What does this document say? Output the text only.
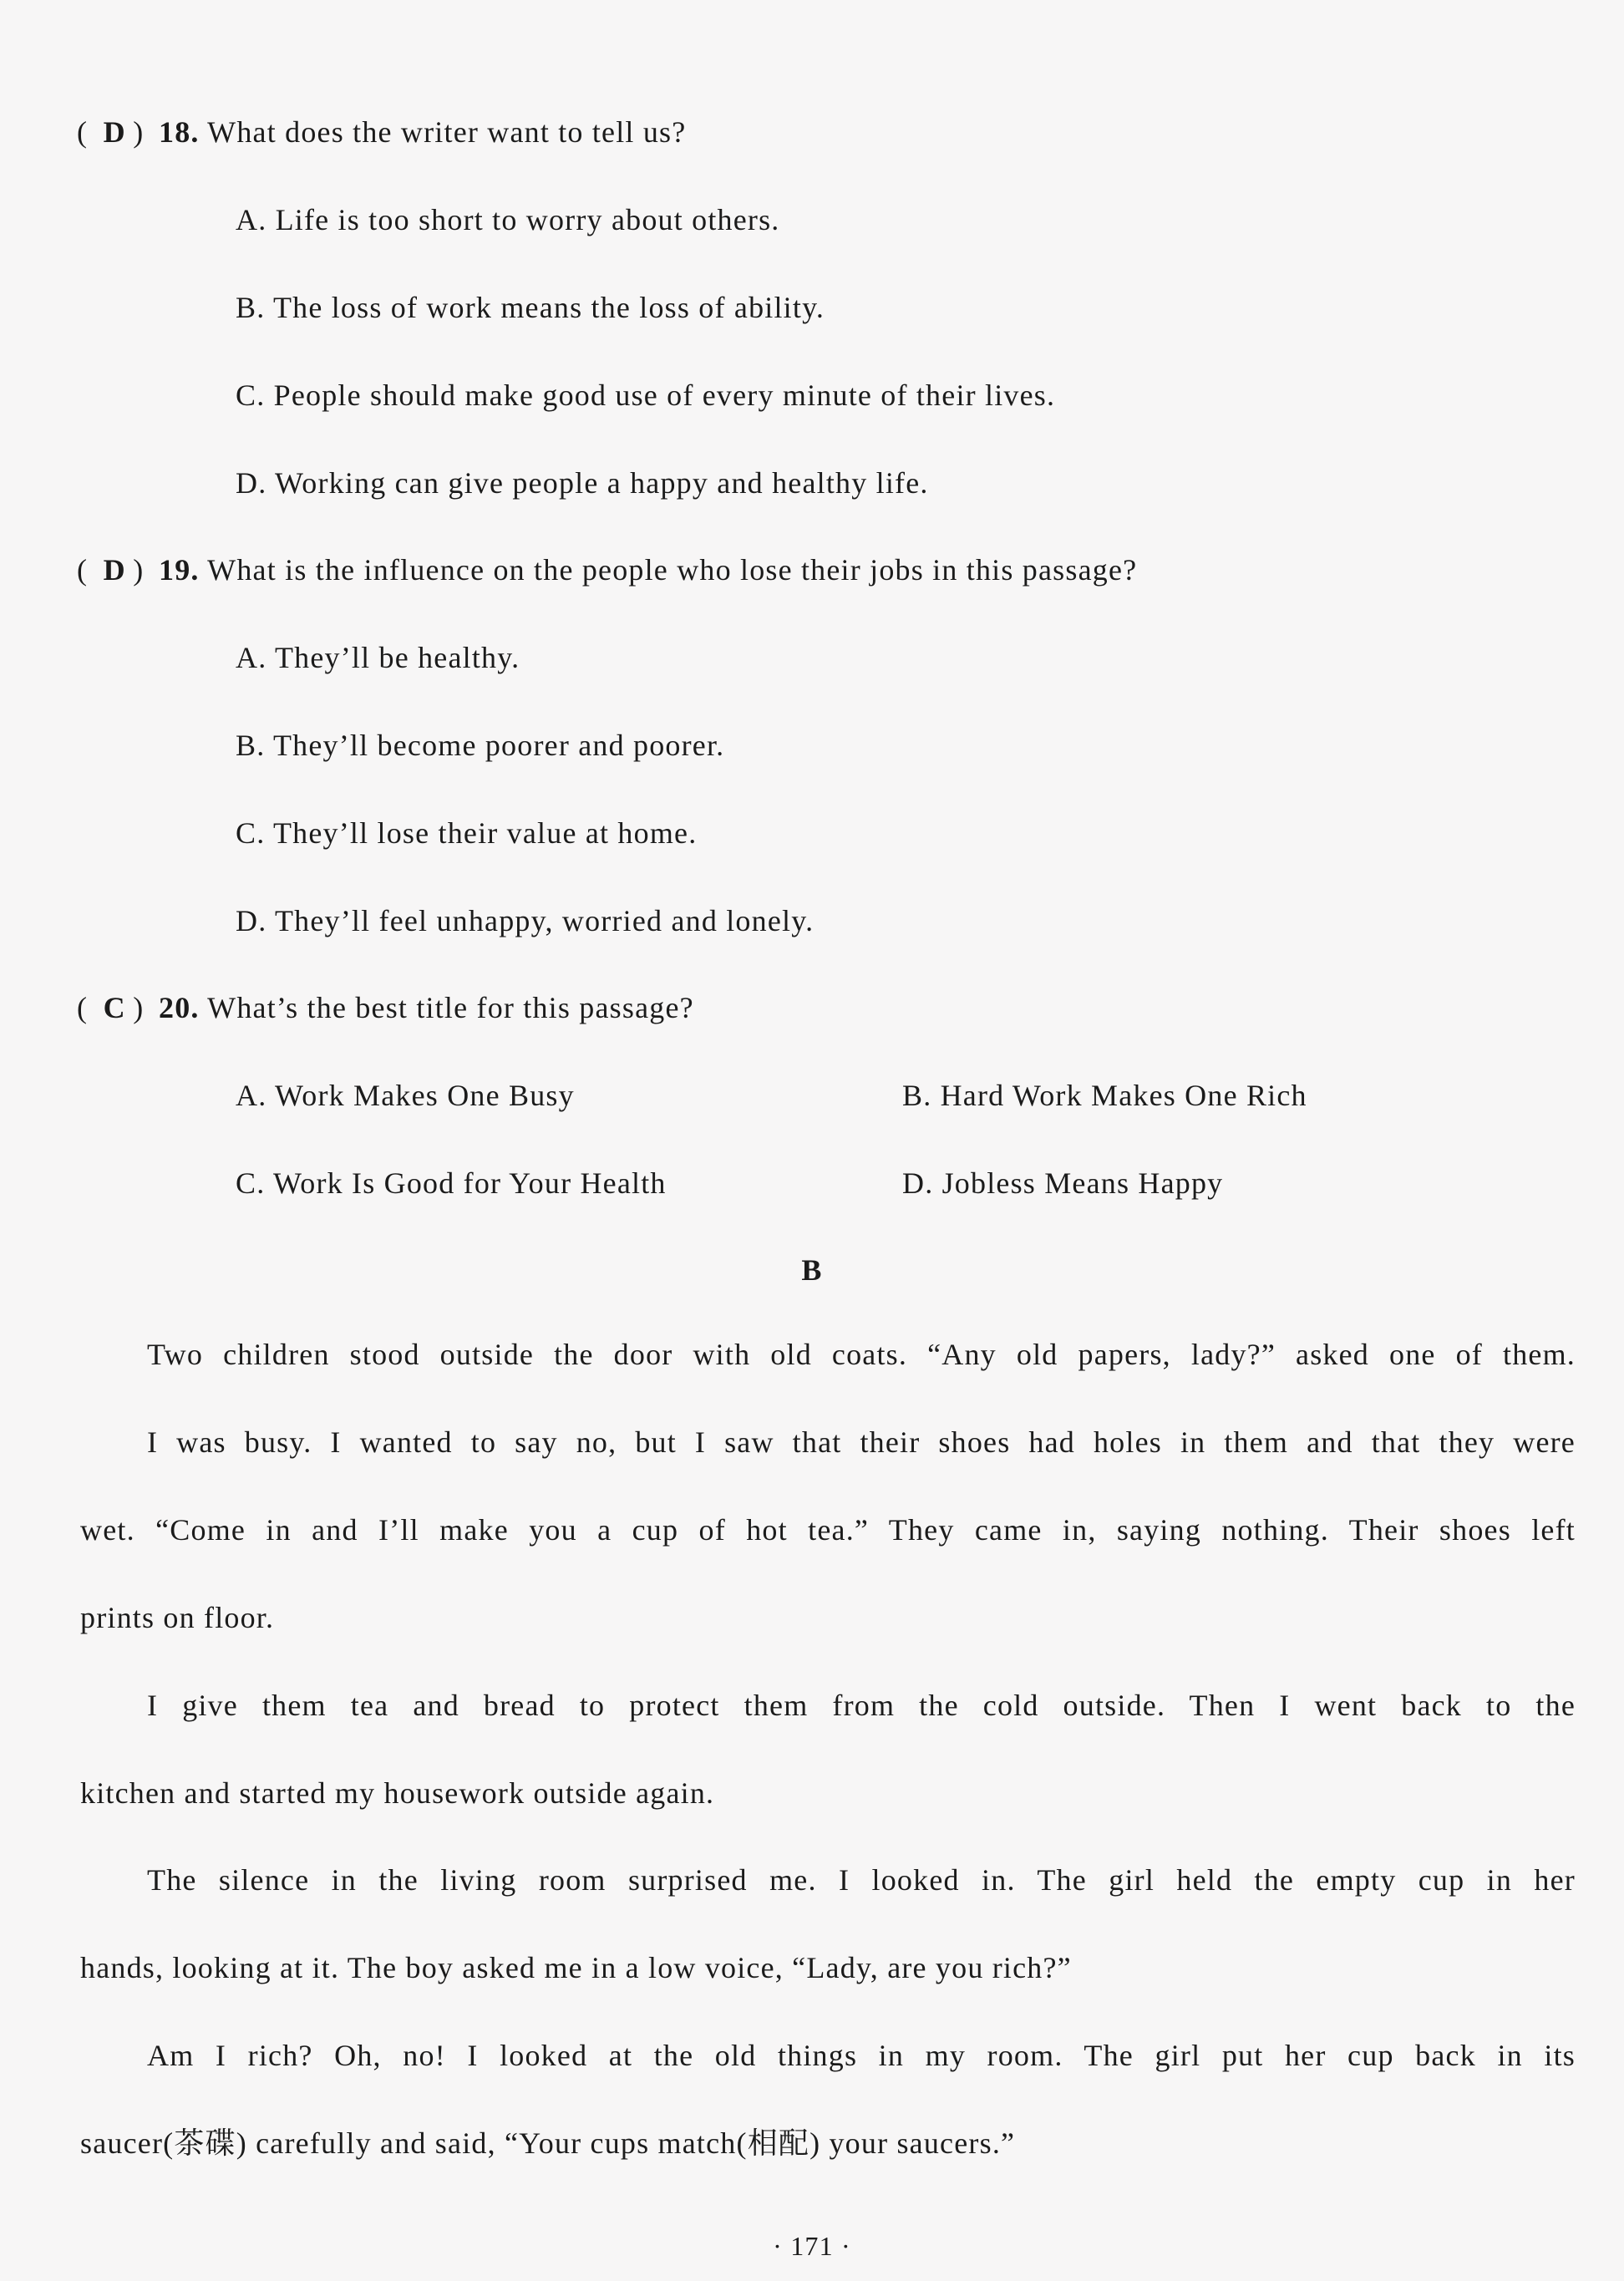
( D ) 18. What does the writer want to tell us?
A. Life is too short to worry about others.
B. The loss of work means the loss of ability.
C. People should make good use of every minute of their lives.
D. Working can give people a happy and healthy life.
( D ) 19. What is the influence on the people who lose their jobs in this passage?
A. They’ll be healthy.
B. They’ll become poorer and poorer.
C. They’ll lose their value at home.
D. They’ll feel unhappy, worried and lonely.
( C ) 20. What’s the best title for this passage?
A. Work Makes One Busy	B. Hard Work Makes One Rich
C. Work Is Good for Your Health	D. Jobless Means Happy
B
Two children stood outside the door with old coats. “Any old papers, lady?” asked one of them.
I was busy. I wanted to say no, but I saw that their shoes had holes in them and that they were
wet. “Come in and I’ll make you a cup of hot tea.” They came in, saying nothing. Their shoes left
prints on floor.
I give them tea and bread to protect them from the cold outside. Then I went back to the
kitchen and started my housework outside again.
The silence in the living room surprised me. I looked in. The girl held the empty cup in her
hands, looking at it. The boy asked me in a low voice, “Lady, are you rich?”
Am I rich? Oh, no! I looked at the old things in my room. The girl put her cup back in its
saucer(茶碟) carefully and said, “Your cups match(相配) your saucers.”
· 171 ·
